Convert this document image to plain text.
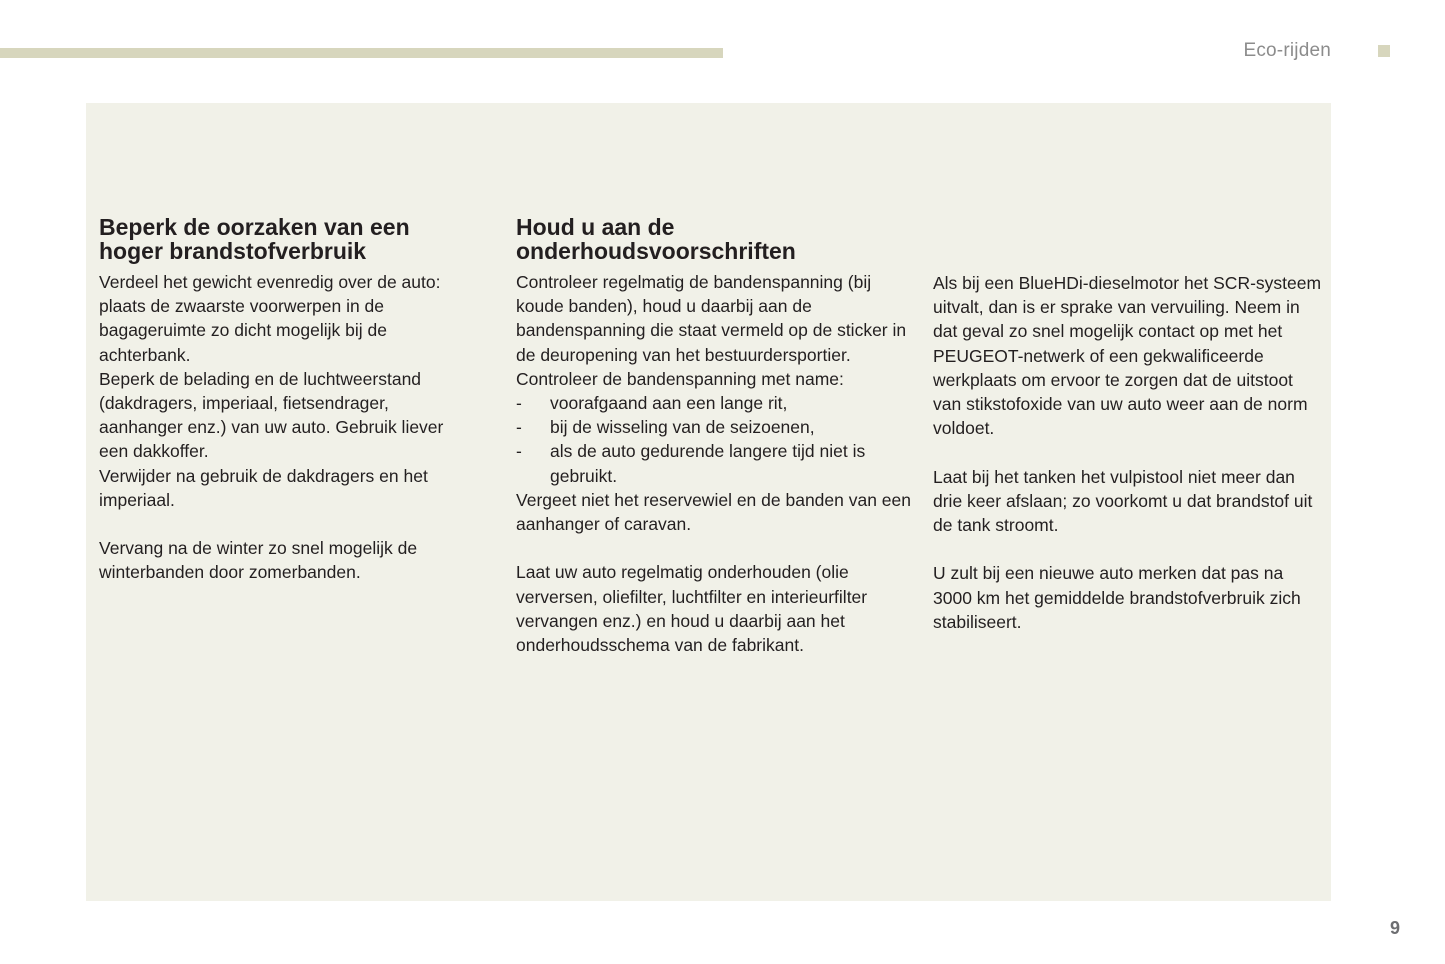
Eco-rijden
Beperk de oorzaken van een
hoger brandstofverbruik

Verdeel het gewicht evenredig over de auto: plaats de zwaarste voorwerpen in de bagageruimte zo dicht mogelijk bij de achterbank.

Beperk de belading en de luchtweerstand (dakdragers, imperiaal, fietsendrager, aanhanger enz.) van uw auto. Gebruik liever een dakkoffer.

Verwijder na gebruik de dakdragers en het imperiaal.

Vervang na de winter zo snel mogelijk de winterbanden door zomerbanden.

Houd u aan de
onderhoudsvoorschriften

Controleer regelmatig de bandenspanning (bij koude banden), houd u daarbij aan de bandenspanning die staat vermeld op de sticker in de deuropening van het bestuurdersportier.

Controleer de bandenspanning met name:

- voorafgaand aan een lange rit,
- bij de wisseling van de seizoenen,
- als de auto gedurende langere tijd niet is gebruikt.

Vergeet niet het reservewiel en de banden van een aanhanger of caravan.

Laat uw auto regelmatig onderhouden (olie verversen, oliefilter, luchtfilter en interieurfilter vervangen enz.) en houd u daarbij aan het onderhoudsschema van de fabrikant.

Als bij een BlueHDi-dieselmotor het SCR-systeem uitvalt, dan is er sprake van vervuiling. Neem in dat geval zo snel mogelijk contact op met het PEUGEOT-netwerk of een gekwalificeerde werkplaats om ervoor te zorgen dat de uitstoot van stikstofoxide van uw auto weer aan de norm voldoet.

Laat bij het tanken het vulpistool niet meer dan drie keer afslaan; zo voorkomt u dat brandstof uit de tank stroomt.

U zult bij een nieuwe auto merken dat pas na 3000 km het gemiddelde brandstofverbruik zich stabiliseert.

9
